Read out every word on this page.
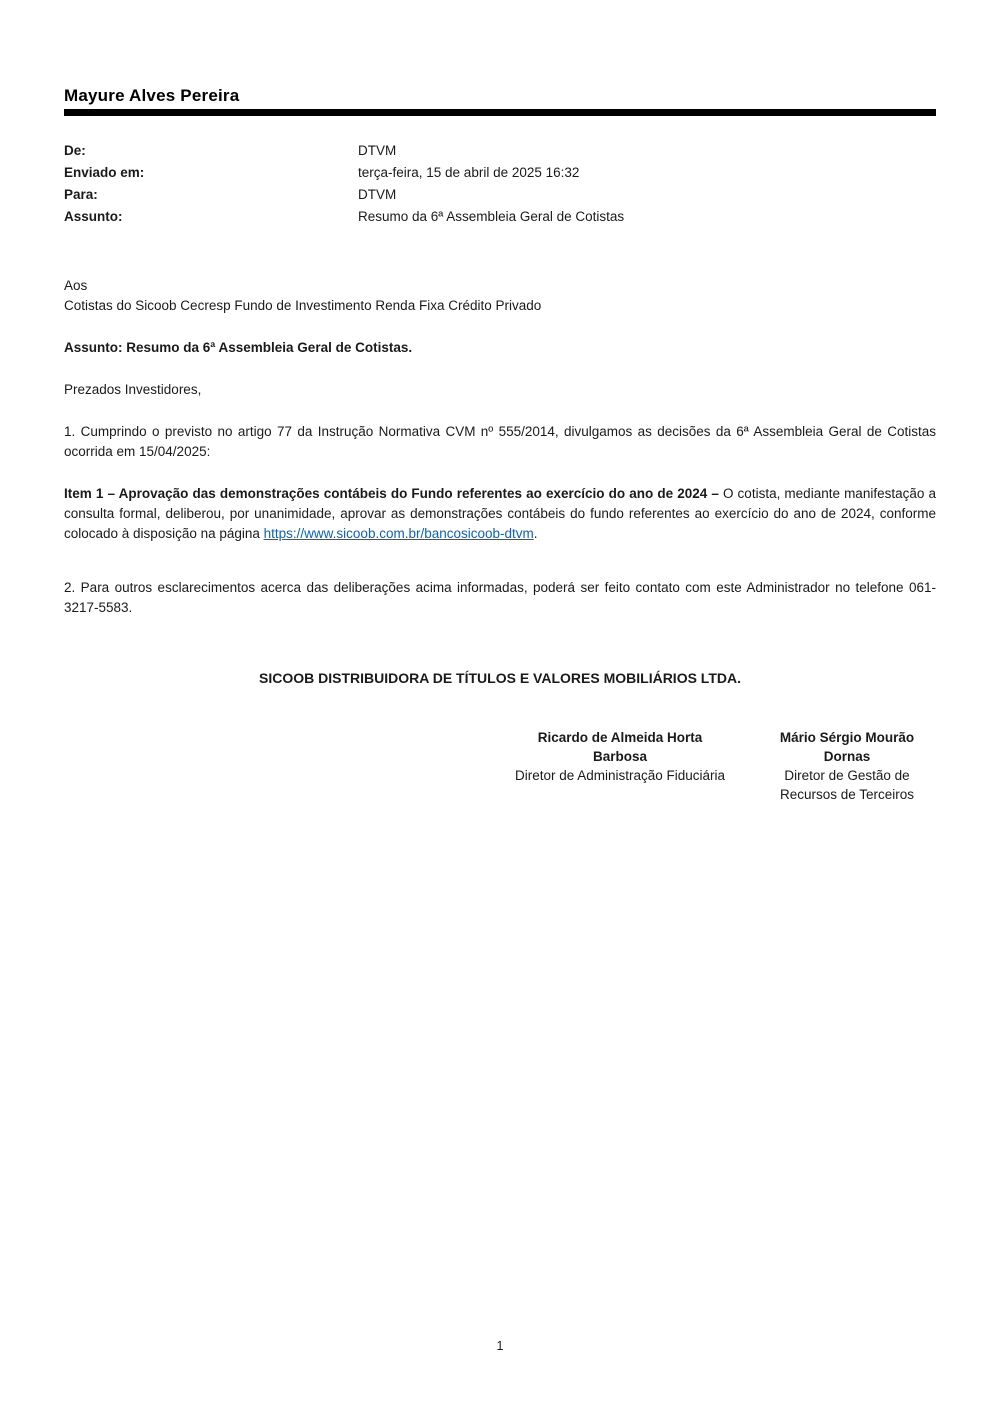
Mayure Alves Pereira
De:	DTVM
Enviado em:	terça-feira, 15 de abril de 2025 16:32
Para:	DTVM
Assunto:	Resumo da 6ª Assembleia Geral de Cotistas
Aos
Cotistas do Sicoob Cecresp Fundo de Investimento Renda Fixa Crédito Privado
Assunto: Resumo da 6ª Assembleia Geral de Cotistas.
Prezados Investidores,
1. Cumprindo o previsto no artigo 77 da Instrução Normativa CVM nº 555/2014, divulgamos as decisões da 6ª Assembleia Geral de Cotistas ocorrida em 15/04/2025:
Item 1 – Aprovação das demonstrações contábeis do Fundo referentes ao exercício do ano de 2024 – O cotista, mediante manifestação a consulta formal, deliberou, por unanimidade, aprovar as demonstrações contábeis do fundo referentes ao exercício do ano de 2024, conforme colocado à disposição na página https://www.sicoob.com.br/bancosicoob-dtvm.
2. Para outros esclarecimentos acerca das deliberações acima informadas, poderá ser feito contato com este Administrador no telefone 061-3217-5583.
SICOOB DISTRIBUIDORA DE TÍTULOS E VALORES MOBILIÁRIOS LTDA.
Ricardo de Almeida Horta Barbosa
Diretor de Administração Fiduciária
Mário Sérgio Mourão Dornas
Diretor de Gestão de Recursos de Terceiros
1
